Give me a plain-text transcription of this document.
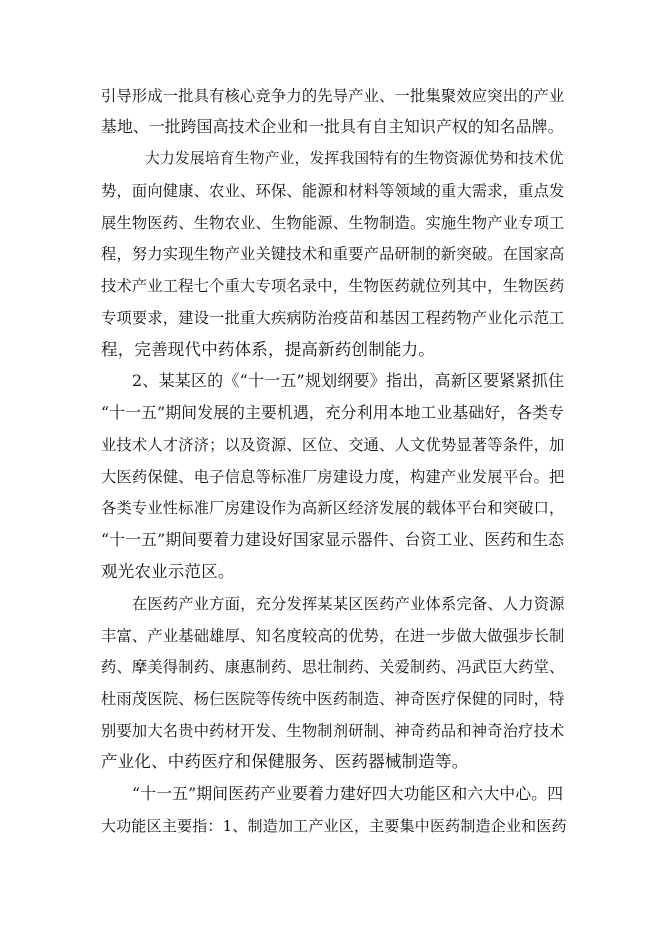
引导形成一批具有核心竞争力的先导产业、一批集聚效应突出的产业
基地、一批跨国高技术企业和一批具有自主知识产权的知名品牌。
大力发展培育生物产业，发挥我国特有的生物资源优势和技术优
势，面向健康、农业、环保、能源和材料等领域的重大需求，重点发
展生物医药、生物农业、生物能源、生物制造。实施生物产业专项工
程，努力实现生物产业关键技术和重要产品研制的新突破。在国家高
技术产业工程七个重大专项名录中，生物医药就位列其中，生物医药
专项要求，建设一批重大疾病防治疫苗和基因工程药物产业化示范工
程，完善现代中药体系，提高新药创制能力。
2、某某区的《“十一五”规划纲要》指出，高新区要紧紧抓住
“十一五”期间发展的主要机遇，充分利用本地工业基础好，各类专
业技术人才济济；以及资源、区位、交通、人文优势显著等条件，加
大医药保健、电子信息等标准厂房建设力度，构建产业发展平台。把
各类专业性标准厂房建设作为高新区经济发展的载体平台和突破口，
“十一五”期间要着力建设好国家显示器件、台资工业、医药和生态
观光农业示范区。
在医药产业方面，充分发挥某某区医药产业体系完备、人力资源
丰富、产业基础雄厚、知名度较高的优势，在进一步做大做强步长制
药、摩美得制药、康惠制药、思壮制药、关爱制药、冯武臣大药堂、
杜雨茂医院、杨仨医院等传统中医药制造、神奇医疗保健的同时，特
别要加大名贵中药材开发、生物制剂研制、神奇药品和神奇治疗技术
产业化、中药医疗和保健服务、医药器械制造等。
“十一五”期间医药产业要着力建好四大功能区和六大中心。四
大功能区主要指：1、制造加工产业区，主要集中医药制造企业和医药
